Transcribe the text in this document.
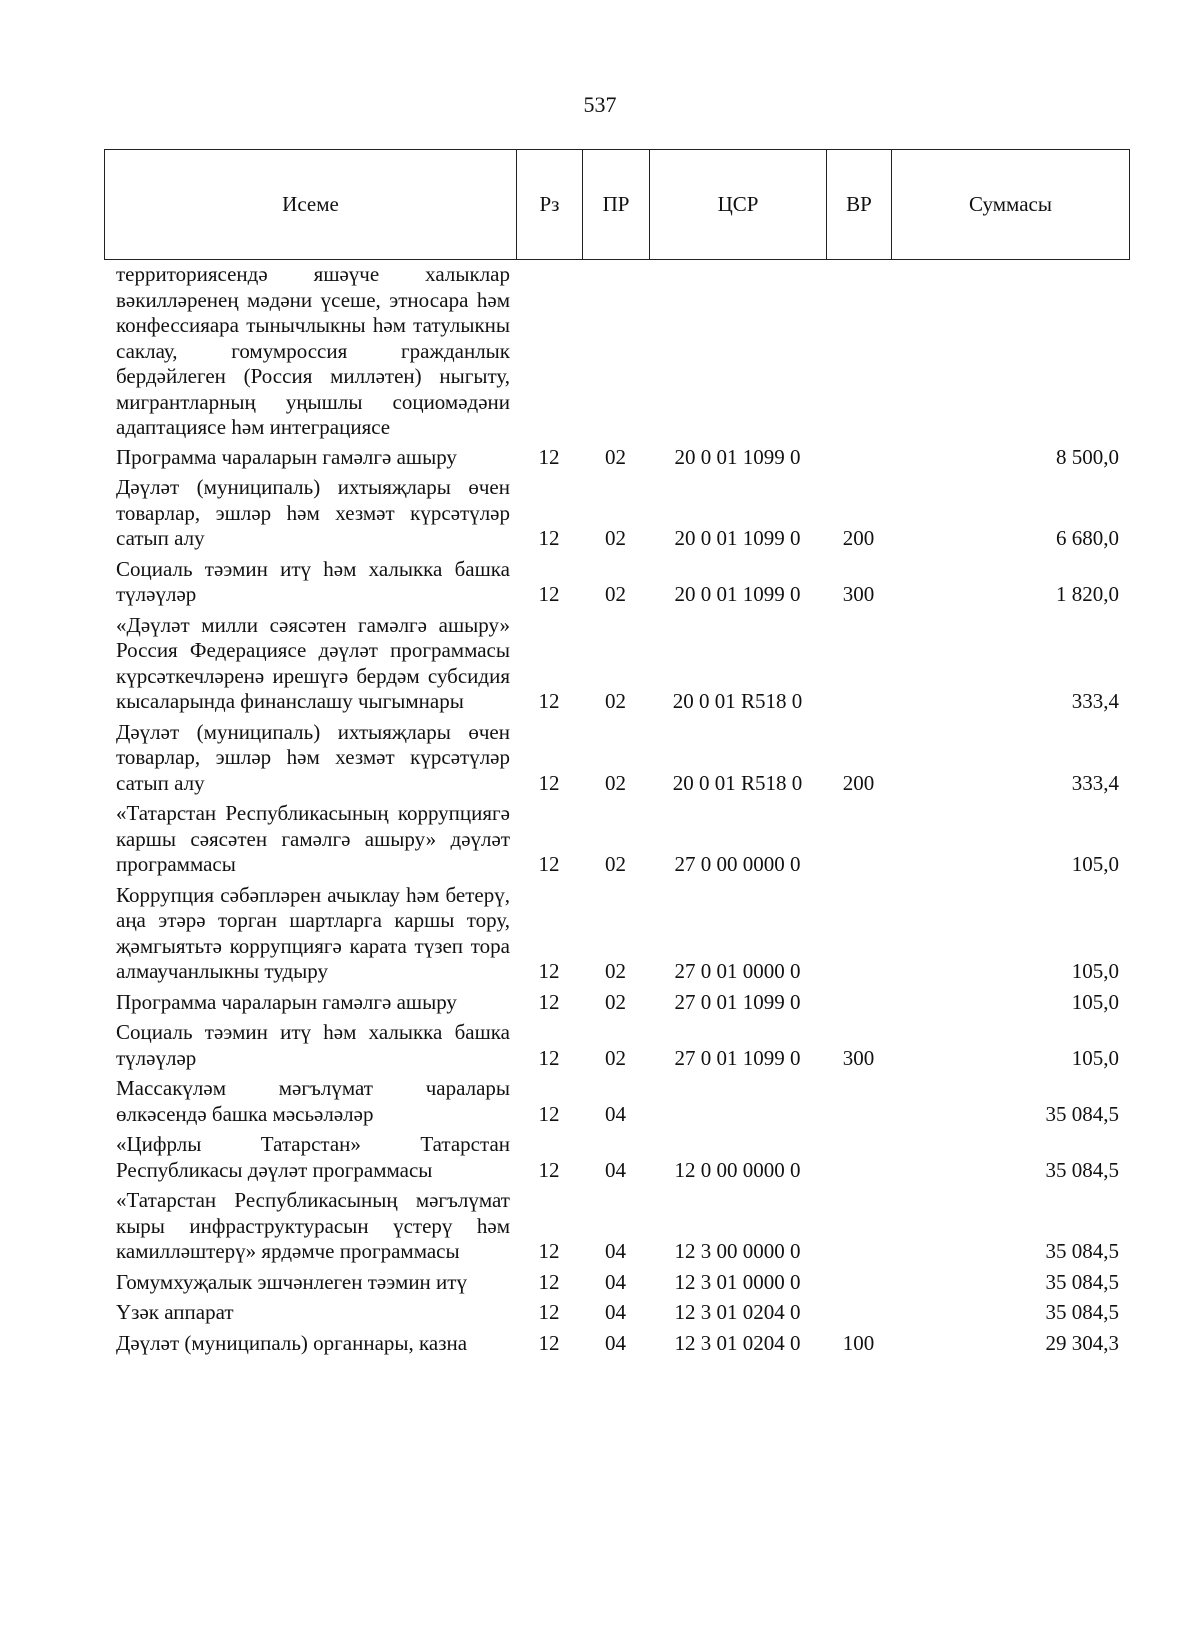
537
Исеме	Рз	ПР	ЦСР	ВР	Суммасы
территориясендә яшәүче халыклар вәкилләренең мәдәни үсеше, этносара һәм конфессияара тынычлыкны һәм татулыкны саклау, гомумроссия гражданлык бердәйлеген (Россия милләтен) ныгыту, мигрантларның уңышлы социомәдәни адаптациясе һәм интеграциясе					
Программа чараларын гамәлгә ашыру	12	02	20 0 01 1099 0		8 500,0
Дәүләт (муниципаль) ихтыяҗлары өчен товарлар, эшләр һәм хезмәт күрсәтүләр сатып алу	12	02	20 0 01 1099 0	200	6 680,0
Социаль тәэмин итү һәм халыкка башка түләүләр	12	02	20 0 01 1099 0	300	1 820,0
«Дәүләт милли сәясәтен гамәлгә ашыру» Россия Федерациясе дәүләт программасы күрсәткечләренә ирешүгә бердәм субсидия кысаларында финанслашу чыгымнары	12	02	20 0 01 R518 0		333,4
Дәүләт (муниципаль) ихтыяҗлары өчен товарлар, эшләр һәм хезмәт күрсәтүләр сатып алу	12	02	20 0 01 R518 0	200	333,4
«Татарстан Республикасының коррупциягә каршы сәясәтен гамәлгә ашыру» дәүләт программасы	12	02	27 0 00 0000 0		105,0
Коррупция сәбәпләрен ачыклау һәм бетерү, аңа этәрә торган шартларга каршы тору, җәмгыятьтә коррупциягә карата түзеп тора алмаучанлыкны тудыру	12	02	27 0 01 0000 0		105,0
Программа чараларын гамәлгә ашыру	12	02	27 0 01 1099 0		105,0
Социаль тәэмин итү һәм халыкка башка түләүләр	12	02	27 0 01 1099 0	300	105,0
Массакүләм мәгълүмат чаралары өлкәсендә башка мәсьәләләр	12	04			35 084,5
«Цифрлы Татарстан» Татарстан Республикасы дәүләт программасы	12	04	12 0 00 0000 0		35 084,5
«Татарстан Республикасының мәгълүмат кыры инфраструктурасын үстерү һәм камилләштерү» ярдәмче программасы	12	04	12 3 00 0000 0		35 084,5
Гомумхуҗалык эшчәнлеген тәэмин итү	12	04	12 3 01 0000 0		35 084,5
Үзәк аппарат	12	04	12 3 01 0204 0		35 084,5
Дәүләт (муниципаль) органнары, казна	12	04	12 3 01 0204 0	100	29 304,3
